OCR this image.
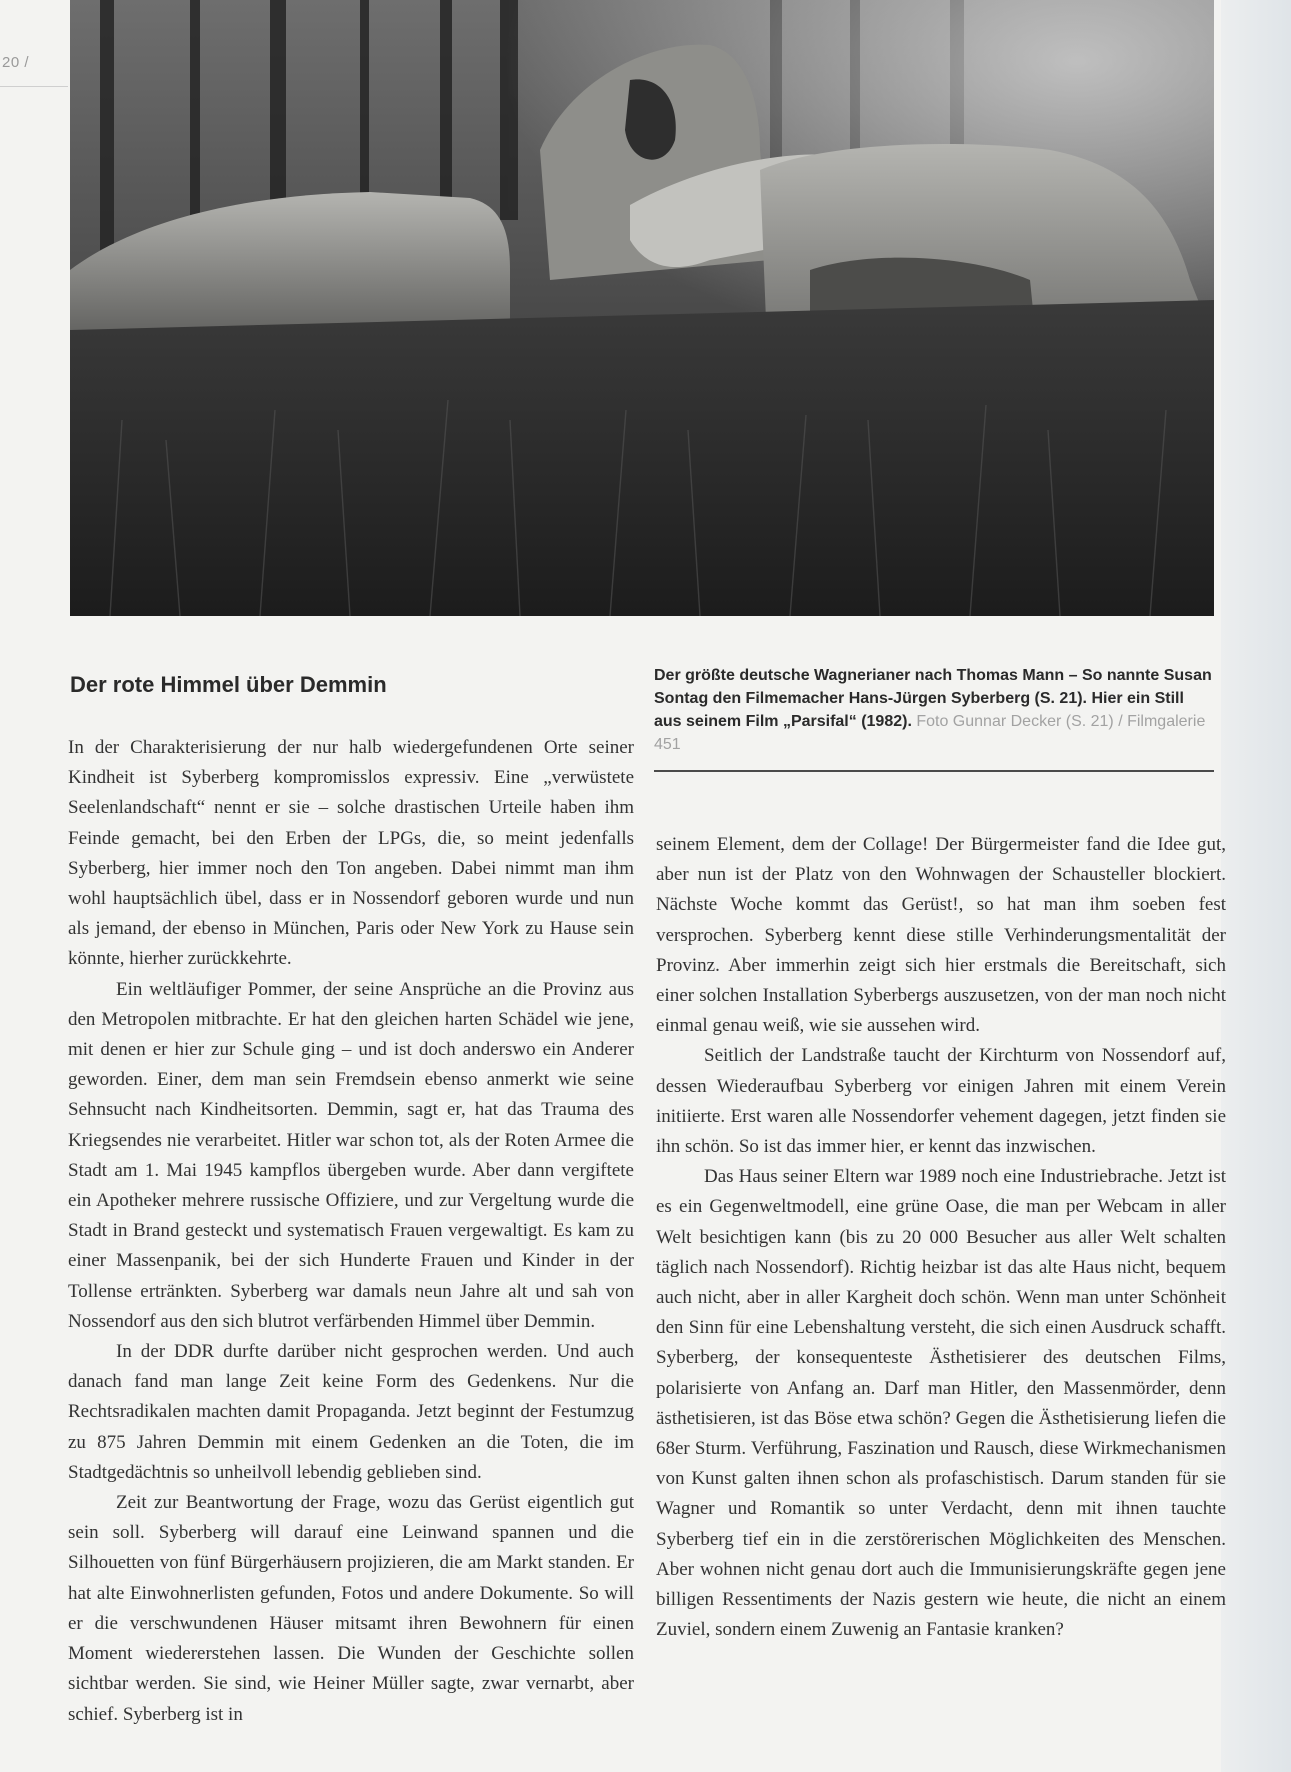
20 /
Der rote Himmel über Demmin	Der größte deutsche Wagnerianer nach Thomas Mann – So nannte Susan Sontag den Filmemacher Hans-Jürgen Syberberg (S. 21). Hier ein Still aus seinem Film „Parsifal“ (1982). Foto Gunnar Decker (S. 21) / Filmgalerie 451

In der Charakterisierung der nur halb wiedergefundenen Orte seiner Kindheit ist Syberberg kompromisslos expressiv. Eine „verwüstete Seelenlandschaft“ nennt er sie – solche drastischen Urteile haben ihm Feinde gemacht, bei den Erben der LPGs, die, so meint jedenfalls Syberberg, hier immer noch den Ton angeben. Dabei nimmt man ihm wohl hauptsächlich übel, dass er in Nossendorf geboren wurde und nun als jemand, der ebenso in München, Paris oder New York zu Hause sein könnte, hierher zurückkehrte.

Ein weltläufiger Pommer, der seine Ansprüche an die Provinz aus den Metropolen mitbrachte. Er hat den gleichen harten Schädel wie jene, mit denen er hier zur Schule ging – und ist doch anderswo ein Anderer geworden. Einer, dem man sein Fremdsein ebenso anmerkt wie seine Sehnsucht nach Kindheitsorten. Demmin, sagt er, hat das Trauma des Kriegsendes nie verarbeitet. Hitler war schon tot, als der Roten Armee die Stadt am 1. Mai 1945 kampflos übergeben wurde. Aber dann vergiftete ein Apotheker mehrere russische Offiziere, und zur Vergeltung wurde die Stadt in Brand gesteckt und systematisch Frauen vergewaltigt. Es kam zu einer Massenpanik, bei der sich Hunderte Frauen und Kinder in der Tollense ertränkten. Syberberg war damals neun Jahre alt und sah von Nossendorf aus den sich blutrot verfärbenden Himmel über Demmin.

In der DDR durfte darüber nicht gesprochen werden. Und auch danach fand man lange Zeit keine Form des Gedenkens. Nur die Rechtsradikalen machten damit Propaganda. Jetzt beginnt der Festumzug zu 875 Jahren Demmin mit einem Gedenken an die Toten, die im Stadtgedächtnis so unheilvoll lebendig geblieben sind.

Zeit zur Beantwortung der Frage, wozu das Gerüst eigentlich gut sein soll. Syberberg will darauf eine Leinwand spannen und die Silhouetten von fünf Bürgerhäusern projizieren, die am Markt standen. Er hat alte Einwohnerlisten gefunden, Fotos und andere Dokumente. So will er die verschwundenen Häuser mitsamt ihren Bewohnern für einen Moment wiedererstehen lassen. Die Wunden der Geschichte sollen sichtbar werden. Sie sind, wie Heiner Müller sagte, zwar vernarbt, aber schief. Syberberg ist in

seinem Element, dem der Collage! Der Bürgermeister fand die Idee gut, aber nun ist der Platz von den Wohnwagen der Schausteller blockiert. Nächste Woche kommt das Gerüst!, so hat man ihm soeben fest versprochen. Syberberg kennt diese stille Verhinderungsmentalität der Provinz. Aber immerhin zeigt sich hier erstmals die Bereitschaft, sich einer solchen Installation Syberbergs auszusetzen, von der man noch nicht einmal genau weiß, wie sie aussehen wird.

Seitlich der Landstraße taucht der Kirchturm von Nossendorf auf, dessen Wiederaufbau Syberberg vor einigen Jahren mit einem Verein initiierte. Erst waren alle Nossendorfer vehement dagegen, jetzt finden sie ihn schön. So ist das immer hier, er kennt das inzwischen.

Das Haus seiner Eltern war 1989 noch eine Industriebrache. Jetzt ist es ein Gegenweltmodell, eine grüne Oase, die man per Webcam in aller Welt besichtigen kann (bis zu 20 000 Besucher aus aller Welt schalten täglich nach Nossendorf). Richtig heizbar ist das alte Haus nicht, bequem auch nicht, aber in aller Kargheit doch schön. Wenn man unter Schönheit den Sinn für eine Lebenshaltung versteht, die sich einen Ausdruck schafft. Syberberg, der konsequenteste Ästhetisierer des deutschen Films, polarisierte von Anfang an. Darf man Hitler, den Massenmörder, denn ästhetisieren, ist das Böse etwa schön? Gegen die Ästhetisierung liefen die 68er Sturm. Verführung, Faszination und Rausch, diese Wirkmechanismen von Kunst galten ihnen schon als profaschistisch. Darum standen für sie Wagner und Romantik so unter Verdacht, denn mit ihnen tauchte Syberberg tief ein in die zerstörerischen Möglichkeiten des Menschen. Aber wohnen nicht genau dort auch die Immunisierungskräfte gegen jene billigen Ressentiments der Nazis gestern wie heute, die nicht an einem Zuviel, sondern einem Zuwenig an Fantasie kranken?
